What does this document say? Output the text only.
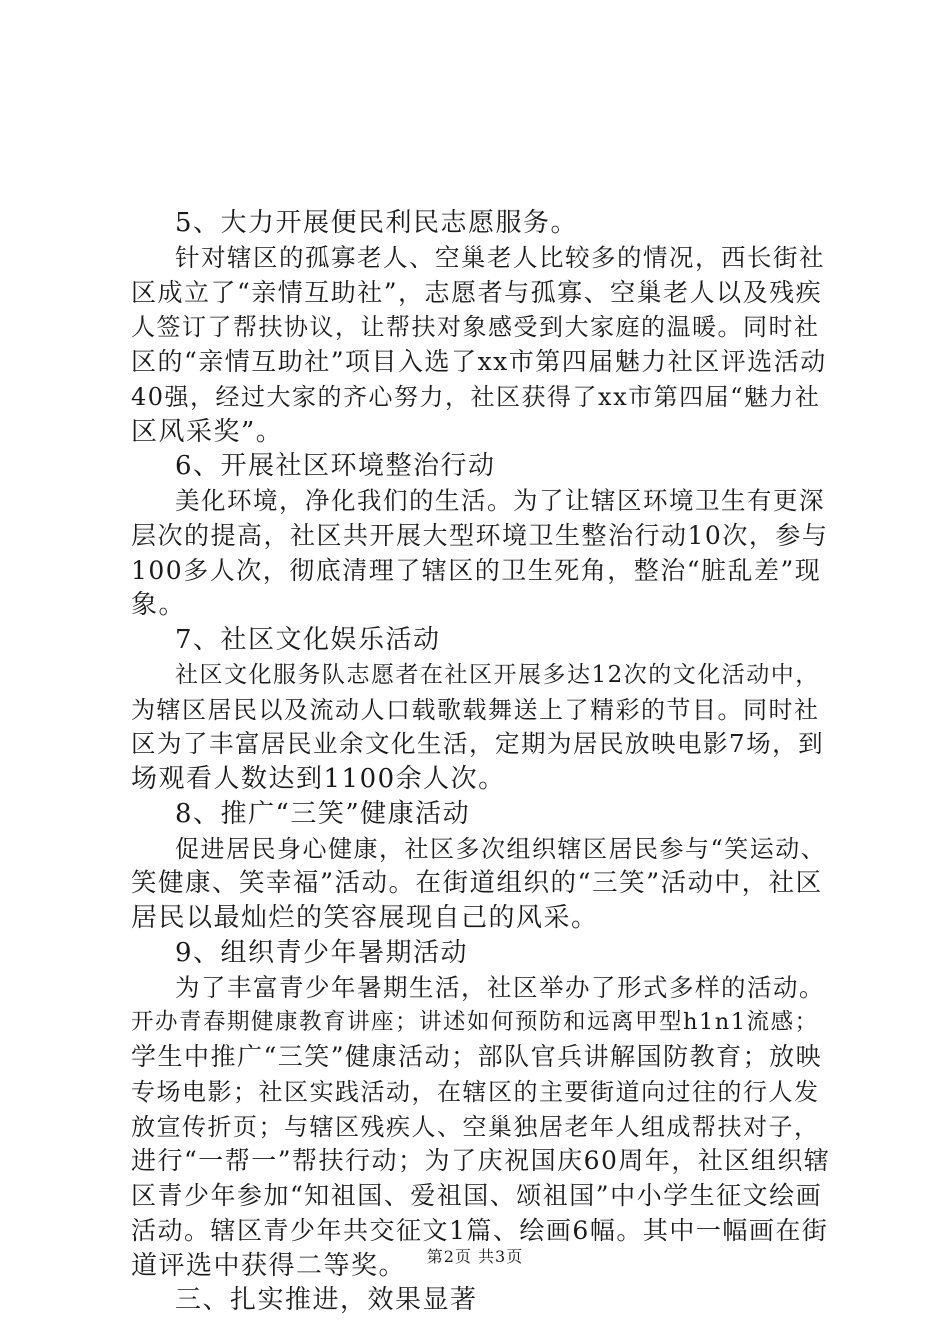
5、大力开展便民利民志愿服务。
针对辖区的孤寡老人、空巢老人比较多的情况，西长街社
区成立了“亲情互助社”，志愿者与孤寡、空巢老人以及残疾
人签订了帮扶协议，让帮扶对象感受到大家庭的温暖。同时社
区的“亲情互助社”项目入选了xx市第四届魅力社区评选活动
40强，经过大家的齐心努力，社区获得了xx市第四届“魅力社
区风采奖”。
6、开展社区环境整治行动
美化环境，净化我们的生活。为了让辖区环境卫生有更深
层次的提高，社区共开展大型环境卫生整治行动10次，参与
100多人次，彻底清理了辖区的卫生死角，整治“脏乱差”现
象。
7、社区文化娱乐活动
社区文化服务队志愿者在社区开展多达12次的文化活动中，
为辖区居民以及流动人口载歌载舞送上了精彩的节目。同时社
区为了丰富居民业余文化生活，定期为居民放映电影7场，到
场观看人数达到1100余人次。
8、推广“三笑”健康活动
促进居民身心健康，社区多次组织辖区居民参与“笑运动、
笑健康、笑幸福”活动。在街道组织的“三笑”活动中，社区
居民以最灿烂的笑容展现自己的风采。
9、组织青少年暑期活动
为了丰富青少年暑期生活，社区举办了形式多样的活动。
开办青春期健康教育讲座；讲述如何预防和远离甲型h1n1流感；
学生中推广“三笑”健康活动；部队官兵讲解国防教育；放映
专场电影；社区实践活动，在辖区的主要街道向过往的行人发
放宣传折页；与辖区残疾人、空巢独居老年人组成帮扶对子，
进行“一帮一”帮扶行动；为了庆祝国庆60周年，社区组织辖
区青少年参加“知祖国、爱祖国、颂祖国”中小学生征文绘画
活动。辖区青少年共交征文1篇、绘画6幅。其中一幅画在街
道评选中获得二等奖。
三、扎实推进，效果显著
第2页 共3页
